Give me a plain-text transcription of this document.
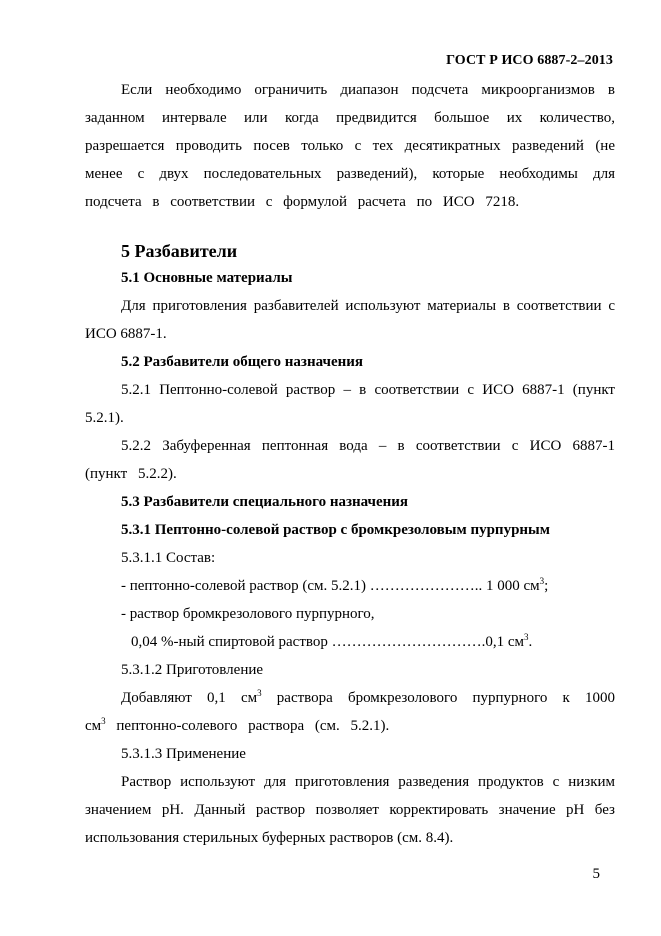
ГОСТ Р ИСО 6887-2–2013

Если необходимо ограничить диапазон подсчета микроорганизмов в заданном интервале или когда предвидится большое их количество, разрешается проводить посев только с тех десятикратных разведений (не менее с двух последовательных разведений), которые необходимы для подсчета в соответствии с формулой расчета по ИСО 7218.

5 Разбавители

5.1 Основные материалы

Для приготовления разбавителей используют материалы в соответствии с ИСО 6887-1.

5.2 Разбавители общего назначения

5.2.1 Пептонно-солевой раствор – в соответствии с ИСО 6887-1 (пункт 5.2.1).

5.2.2 Забуференная пептонная вода – в соответствии с ИСО 6887-1 (пункт 5.2.2).

5.3 Разбавители специального назначения

5.3.1 Пептонно-солевой раствор с бромкрезоловым пурпурным

5.3.1.1 Состав:

- пептонно-солевой раствор (см. 5.2.1) ………………….. 1 000 $см^3$;

- раствор бромкрезолового пурпурного,

0,04 %-ный спиртовой раствор ………………………….0,1 $см^3$.

5.3.1.2 Приготовление

Добавляют 0,1 $см^3$ раствора бромкрезолового пурпурного к 1000 $см^3$ пептонно-солевого раствора (см. 5.2.1).

5.3.1.3 Применение

Раствор используют для приготовления разведения продуктов с низким значением pH. Данный раствор позволяет корректировать значение pH без использования стерильных буферных растворов (см. 8.4).

5
